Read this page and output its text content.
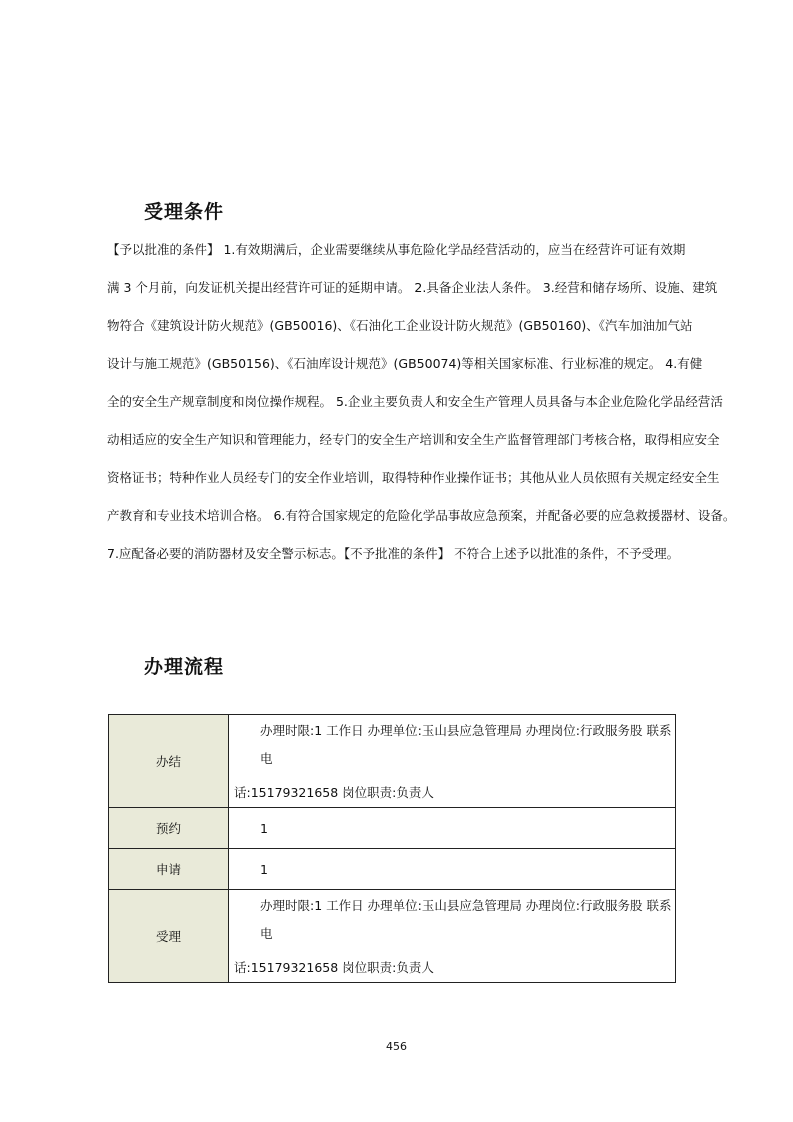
受理条件
【予以批准的条件】 1.有效期满后，企业需要继续从事危险化学品经营活动的，应当在经营许可证有效期
满 3 个月前，向发证机关提出经营许可证的延期申请。 2.具备企业法人条件。 3.经营和储存场所、设施、建筑
物符合《建筑设计防火规范》(GB50016)、《石油化工企业设计防火规范》(GB50160)、《汽车加油加气站
设计与施工规范》(GB50156)、《石油库设计规范》(GB50074)等相关国家标准、行业标准的规定。 4.有健
全的安全生产规章制度和岗位操作规程。 5.企业主要负责人和安全生产管理人员具备与本企业危险化学品经营活
动相适应的安全生产知识和管理能力，经专门的安全生产培训和安全生产监督管理部门考核合格，取得相应安全
资格证书；特种作业人员经专门的安全作业培训，取得特种作业操作证书；其他从业人员依照有关规定经安全生
产教育和专业技术培训合格。 6.有符合国家规定的危险化学品事故应急预案，并配备必要的应急救援器材、设备。
7.应配备必要的消防器材及安全警示标志。【不予批准的条件】 不符合上述予以批准的条件，不予受理。
办理流程
办结	办理时限:1 工作日 办理单位:玉山县应急管理局 办理岗位:行政服务股 联系电
话:15179321658 岗位职责:负责人

预约	1

申请	1

受理	办理时限:1 工作日 办理单位:玉山县应急管理局 办理岗位:行政服务股 联系电
话:15179321658 岗位职责:负责人
456
